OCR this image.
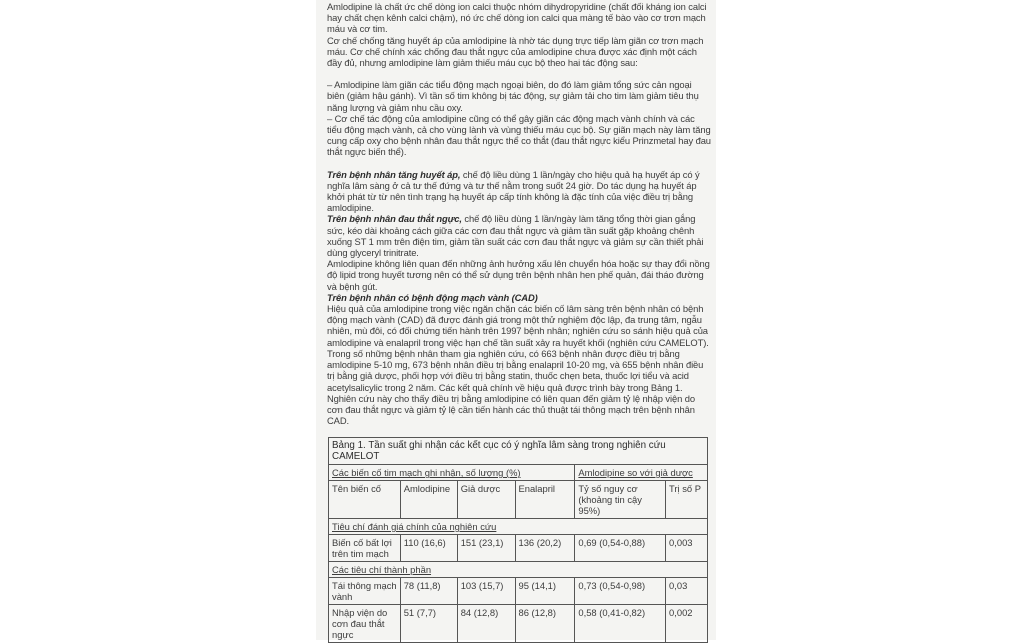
Amlodipine là chất ức chế dòng ion calci thuộc nhóm dihydropyridine (chất đối kháng ion calci hay chất chẹn kênh calci chậm), nó ức chế dòng ion calci qua màng tế bào vào cơ trơn mạch máu và cơ tim.

Cơ chế chống tăng huyết áp của amlodipine là nhờ tác dụng trực tiếp làm giãn cơ trơn mạch máu. Cơ chế chính xác chống đau thắt ngực của amlodipine chưa được xác định một cách đầy đủ, nhưng amlodipine làm giảm thiếu máu cục bộ theo hai tác động sau:

– Amlodipine làm giãn các tiểu động mạch ngoại biên, do đó làm giảm tổng sức cản ngoại biên (giảm hậu gánh). Vì tần số tim không bị tác động, sự giảm tải cho tim làm giảm tiêu thụ năng lượng và giảm nhu cầu oxy.

– Cơ chế tác động của amlodipine cũng có thể gây giãn các động mạch vành chính và các tiểu động mạch vành, cả cho vùng lành và vùng thiếu máu cục bộ. Sự giãn mạch này làm tăng cung cấp oxy cho bệnh nhân đau thắt ngực thể co thắt (đau thắt ngực kiểu Prinzmetal hay đau thắt ngực biến thể).

Trên bệnh nhân tăng huyết áp, chế độ liều dùng 1 lần/ngày cho hiệu quả hạ huyết áp có ý nghĩa lâm sàng ở cả tư thế đứng và tư thế nằm trong suốt 24 giờ. Do tác dụng hạ huyết áp khởi phát từ từ nên tình trạng hạ huyết áp cấp tính không là đặc tính của việc điều trị bằng amlodipine.

Trên bệnh nhân đau thắt ngực, chế độ liều dùng 1 lần/ngày làm tăng tổng thời gian gắng sức, kéo dài khoảng cách giữa các cơn đau thắt ngực và giảm tần suất gặp khoảng chênh xuống ST 1 mm trên điện tim, giảm tần suất các cơn đau thắt ngực và giảm sự cần thiết phải dùng glyceryl trinitrate.

Amlodipine không liên quan đến những ảnh hưởng xấu lên chuyển hóa hoặc sự thay đổi nồng độ lipid trong huyết tương nên có thể sử dụng trên bệnh nhân hen phế quản, đái tháo đường và bệnh gút.

Trên bệnh nhân có bệnh động mạch vành (CAD)

Hiệu quả của amlodipine trong việc ngăn chặn các biến cố lâm sàng trên bệnh nhân có bệnh động mạch vành (CAD) đã được đánh giá trong một thử nghiệm độc lập, đa trung tâm, ngẫu nhiên, mù đôi, có đối chứng tiến hành trên 1997 bệnh nhân; nghiên cứu so sánh hiệu quả của amlodipine và enalapril trong việc hạn chế tần suất xảy ra huyết khối (nghiên cứu CAMELOT). Trong số những bệnh nhân tham gia nghiên cứu, có 663 bệnh nhân được điều trị bằng amlodipine 5-10 mg, 673 bệnh nhân điều trị bằng enalapril 10-20 mg, và 655 bệnh nhân điều trị bằng giả dược, phối hợp với điều trị bằng statin, thuốc chẹn beta, thuốc lợi tiểu và acid acetylsalicylic trong 2 năm. Các kết quả chính về hiệu quả được trình bày trong Bảng 1. Nghiên cứu này cho thấy điều trị bằng amlodipine có liên quan đến giảm tỷ lệ nhập viện do cơn đau thắt ngực và giảm tỷ lệ cần tiến hành các thủ thuật tái thông mạch trên bệnh nhân CAD.

Bảng 1. Tần suất ghi nhận các kết cục có ý nghĩa lâm sàng trong nghiên cứu CAMELOT					
Các biến cố tim mạch ghi nhận, số lượng (%)				Amlodipine so với giả dược	
Tên biến cố	Amlodipine	Giả dược	Enalapril	Tỷ số nguy cơ (khoảng tin cậy 95%)	Trị số P
Tiêu chí đánh giá chính của nghiên cứu					
Biến cố bất lợi trên tim mạch	110 (16,6)	151 (23,1)	136 (20,2)	0,69 (0,54-0,88)	0,003
Các tiêu chí thành phần					
Tái thông mạch vành	78 (11,8)	103 (15,7)	95 (14,1)	0,73 (0,54-0,98)	0,03
Nhập viện do cơn đau thắt ngực	51 (7,7)	84 (12,8)	86 (12,8)	0,58 (0,41-0,82)	0,002
